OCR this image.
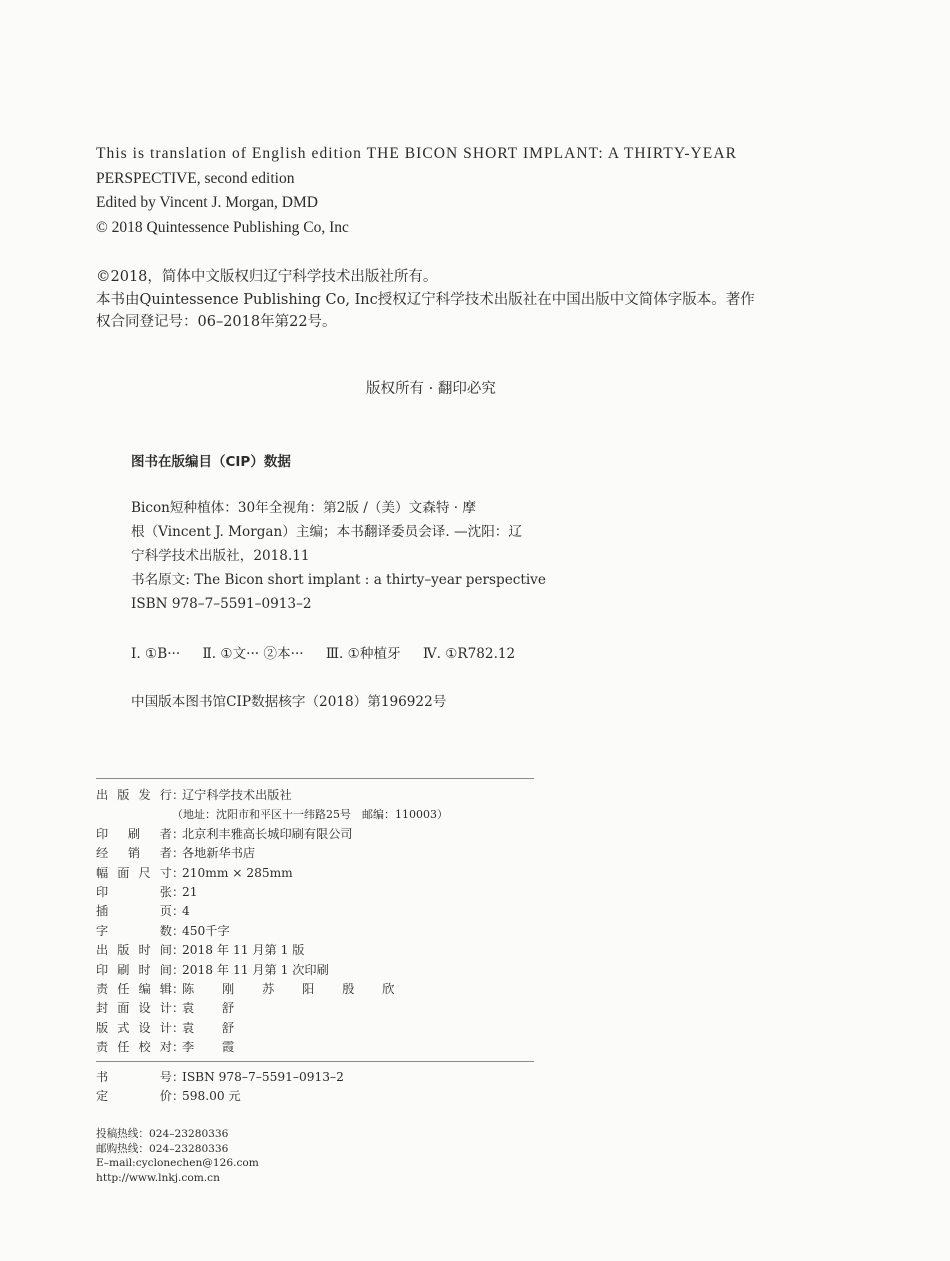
This is translation of English edition THE BICON SHORT IMPLANT: A THIRTY-YEAR
PERSPECTIVE, second edition
Edited by Vincent J. Morgan, DMD
© 2018 Quintessence Publishing Co, Inc
©2018，简体中文版权归辽宁科学技术出版社所有。
本书由Quintessence Publishing Co, Inc授权辽宁科学技术出版社在中国出版中文简体字版本。著作
权合同登记号：06–2018年第22号。
版权所有 · 翻印必究
图书在版编目（CIP）数据
Bicon短种植体：30年全视角：第2版 /（美）文森特 · 摩
根（Vincent J. Morgan）主编；本书翻译委员会译. —沈阳：辽
宁科学技术出版社，2018.11
书名原文: The Bicon short implant : a thirty–year perspective
ISBN 978–7–5591–0913–2
Ⅰ. ①B··· Ⅱ. ①文··· ②本··· Ⅲ. ①种植牙 Ⅳ. ①R782.12
中国版本图书馆CIP数据核字（2018）第196922号
出版发行 ：
辽宁科学技术出版社
（地址：沈阳市和平区十一纬路25号　邮编：110003）
印刷者 ：
北京利丰雅高长城印刷有限公司
经销者 ：
各地新华书店
幅面尺寸 ：
210mm × 285mm
印张 ：
21
插页 ：
4
字数 ：
450千字
出版时间 ：
2018 年 11 月第 1 版
印刷时间 ：
2018 年 11 月第 1 次印刷
责任编辑 ：
陈 刚 苏 阳 殷 欣
封面设计 ：
袁 舒
版式设计 ：
袁 舒
责任校对 ：
李 霞
书号 ：
ISBN 978–7–5591–0913–2
定价 ：
598.00 元
投稿热线：024–23280336
邮购热线：024–23280336
E–mail:cyclonechen@126.com
http://www.lnkj.com.cn
